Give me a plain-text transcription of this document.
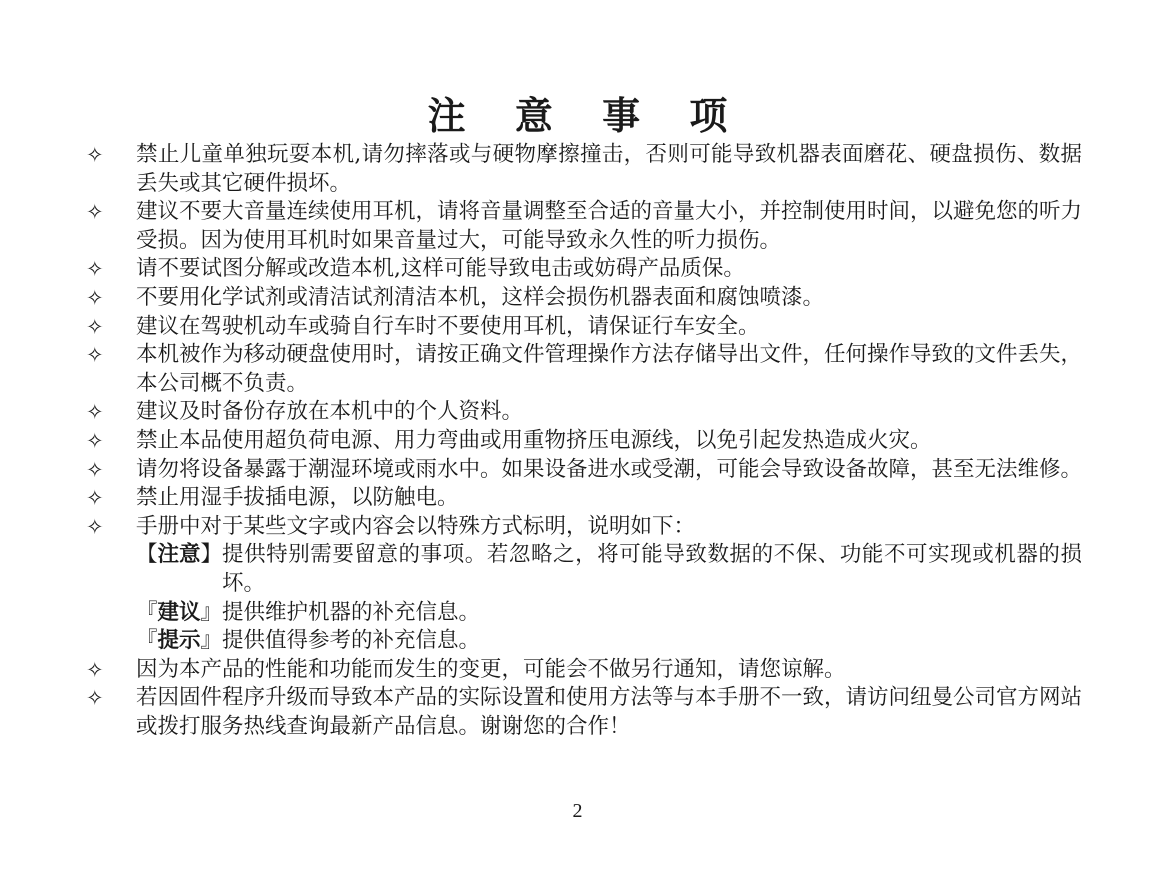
注 意 事 项
✧ 禁止儿童单独玩耍本机,请勿摔落或与硬物摩擦撞击，否则可能导致机器表面磨花、硬盘损伤、数据丢失或其它硬件损坏。
✧ 建议不要大音量连续使用耳机，请将音量调整至合适的音量大小，并控制使用时间，以避免您的听力受损。因为使用耳机时如果音量过大，可能导致永久性的听力损伤。
✧ 请不要试图分解或改造本机,这样可能导致电击或妨碍产品质保。
✧ 不要用化学试剂或清洁试剂清洁本机，这样会损伤机器表面和腐蚀喷漆。
✧ 建议在驾驶机动车或骑自行车时不要使用耳机，请保证行车安全。
✧ 本机被作为移动硬盘使用时，请按正确文件管理操作方法存储导出文件，任何操作导致的文件丢失，本公司概不负责。
✧ 建议及时备份存放在本机中的个人资料。
✧ 禁止本品使用超负荷电源、用力弯曲或用重物挤压电源线，以免引起发热造成火灾。
✧ 请勿将设备暴露于潮湿环境或雨水中。如果设备进水或受潮，可能会导致设备故障，甚至无法维修。
✧ 禁止用湿手拔插电源，以防触电。
✧ 手册中对于某些文字或内容会以特殊方式标明，说明如下：
【注意】 提供特别需要留意的事项。若忽略之，将可能导致数据的不保、功能不可实现或机器的损坏。
『建议』 提供维护机器的补充信息。
『提示』 提供值得参考的补充信息。
✧ 因为本产品的性能和功能而发生的变更，可能会不做另行通知，请您谅解。
✧ 若因固件程序升级而导致本产品的实际设置和使用方法等与本手册不一致，请访问纽曼公司官方网站或拨打服务热线查询最新产品信息。谢谢您的合作！
2
